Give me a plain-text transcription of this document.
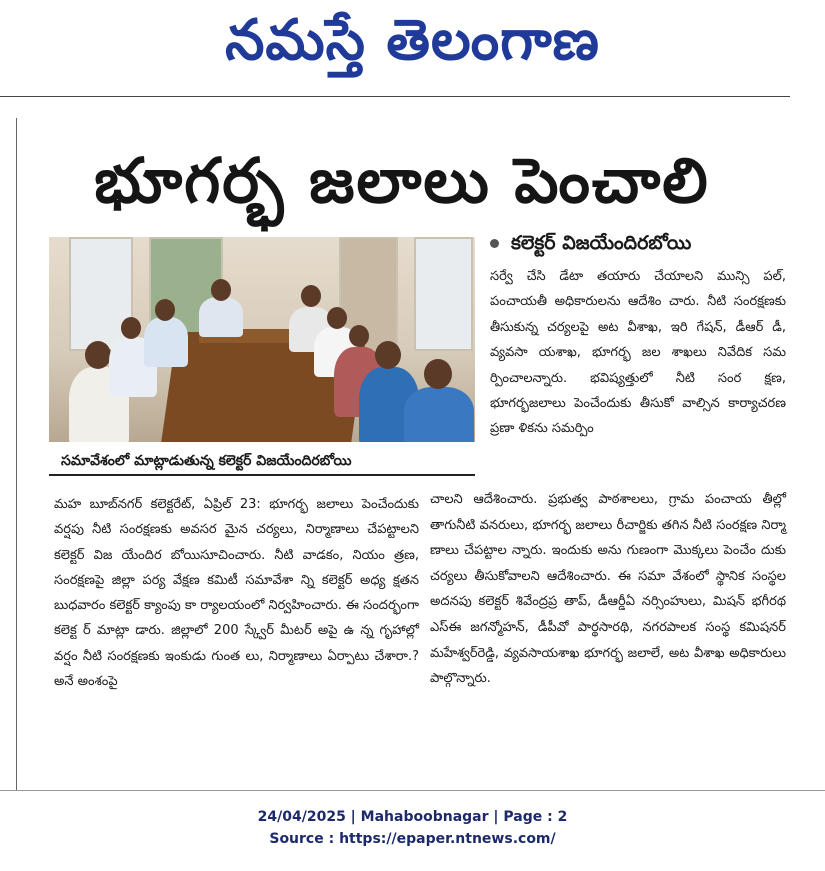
నమస్తే తెలంగాణ
భూగర్భ జలాలు పెంచాలి
కలెక్టర్ విజయేందిరబోయి
సమావేశంలో మాట్లాడుతున్న కలెక్టర్ విజయేందిరబోయి

సర్వే చేసి డేటా తయారు చేయాలని మున్సి పల్, పంచాయతీ అధికారులను ఆదేశిం చారు. నీటి సంరక్షణకు తీసుకున్న చర్యలపై అట వీశాఖ, ఇరి గేషన్, డీఆర్ డీ, వ్యవసా యశాఖ, భూగర్భ జల శాఖలు నివేదిక సమ ర్పించాలన్నారు. భవిష్యత్తులో నీటి సంర క్షణ, భూగర్భజలాలు పెంచేందుకు తీసుకో వాల్సిన కార్యాచరణ ప్రణా ళికను సమర్పిం

మహ బూబ్‌నగర్ కలెక్టరేట్, ఏప్రిల్ 23: భూగర్భ జలాలు పెంచేందుకు వర్షపు నీటి సంరక్షణకు అవసర మైన చర్యలు, నిర్మాణాలు చేపట్టాలని కలెక్టర్ విజ యేందిర బోయిసూచించారు. నీటి వాడకం, నియం త్రణ, సంరక్షణపై జిల్లా పర్య వేక్షణ కమిటీ సమావేశా న్ని కలెక్టర్ అధ్య క్షతన బుధవారం కలెక్టర్ క్యాంపు కా ర్యాలయంలో నిర్వహించారు. ఈ సందర్భంగా కలెక్ట ర్ మాట్లా డారు. జిల్లాలో 200 స్క్వేర్ మీటర్ అపై ఉ న్న గృహాల్లో వర్షం నీటి సంరక్షణకు ఇంకుడు గుంత లు, నిర్మాణాలు ఏర్పాటు చేశారా.? అనే అంశంపై

చాలని ఆదేశించారు. ప్రభుత్వ పాఠశాలలు, గ్రామ పంచాయ తీల్లో తాగునీటి వనరులు, భూగర్భ జలాలు రీచార్జికు తగిన నీటి సంరక్షణ నిర్మా ణాలు చేపట్టాల న్నారు. ఇందుకు అను గుణంగా మొక్కలు పెంచేం దుకు చర్యలు తీసుకోవాలని ఆదేశించారు. ఈ సమా వేశంలో స్థానిక సంస్థల అదనపు కలెక్టర్ శివేంద్రప్ర తాప్, డీఆర్డీఏ నర్సింహులు, మిషన్ భగీరథ ఎస్ఈ జగన్మోహన్, డీపీవో పార్థసారథి, నగరపాలక సంస్థ కమిషనర్ మహేశ్వర్‌రెడ్డి, వ్యవసాయశాఖ భూగర్భ జలాలే, అట వీశాఖ అధికారులు పాల్గొన్నారు.

24/04/2025 | Mahaboobnagar | Page : 2
Source : https://epaper.ntnews.com/
